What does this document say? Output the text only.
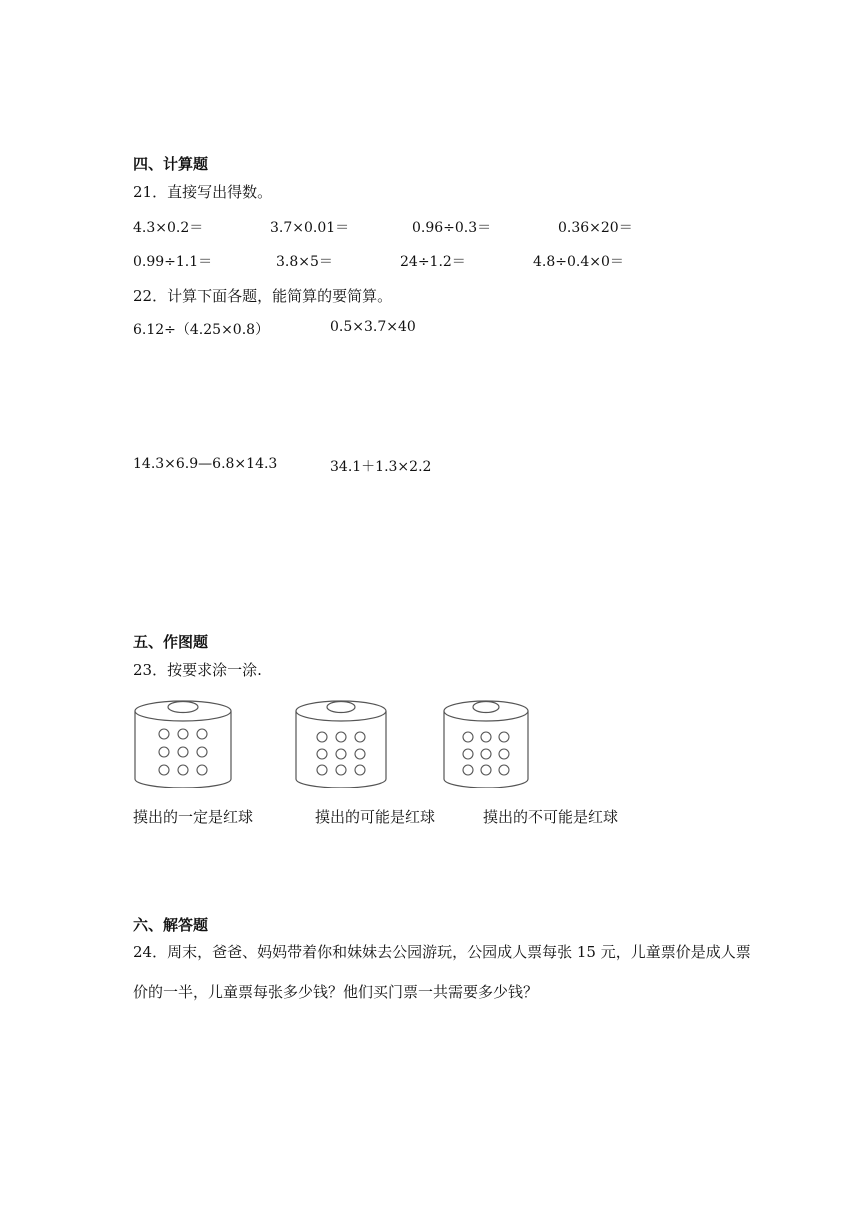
四、计算题
21．直接写出得数。
4.3×0.2＝	3.7×0.01＝	0.96÷0.3＝	0.36×20＝
0.99÷1.1＝	3.8×5＝	24÷1.2＝	4.8÷0.4×0＝
22．计算下面各题，能简算的要简算。
6.12÷（4.25×0.8）	0.5×3.7×40
14.3×6.9—6.8×14.3	34.1＋1.3×2.2
五、作图题
23．按要求涂一涂.
摸出的一定是红球	摸出的可能是红球	摸出的不可能是红球
六、解答题
24．周末，爸爸、妈妈带着你和妹妹去公园游玩，公园成人票每张 15 元，儿童票价是成人票价的一半，儿童票每张多少钱？他们买门票一共需要多少钱？
